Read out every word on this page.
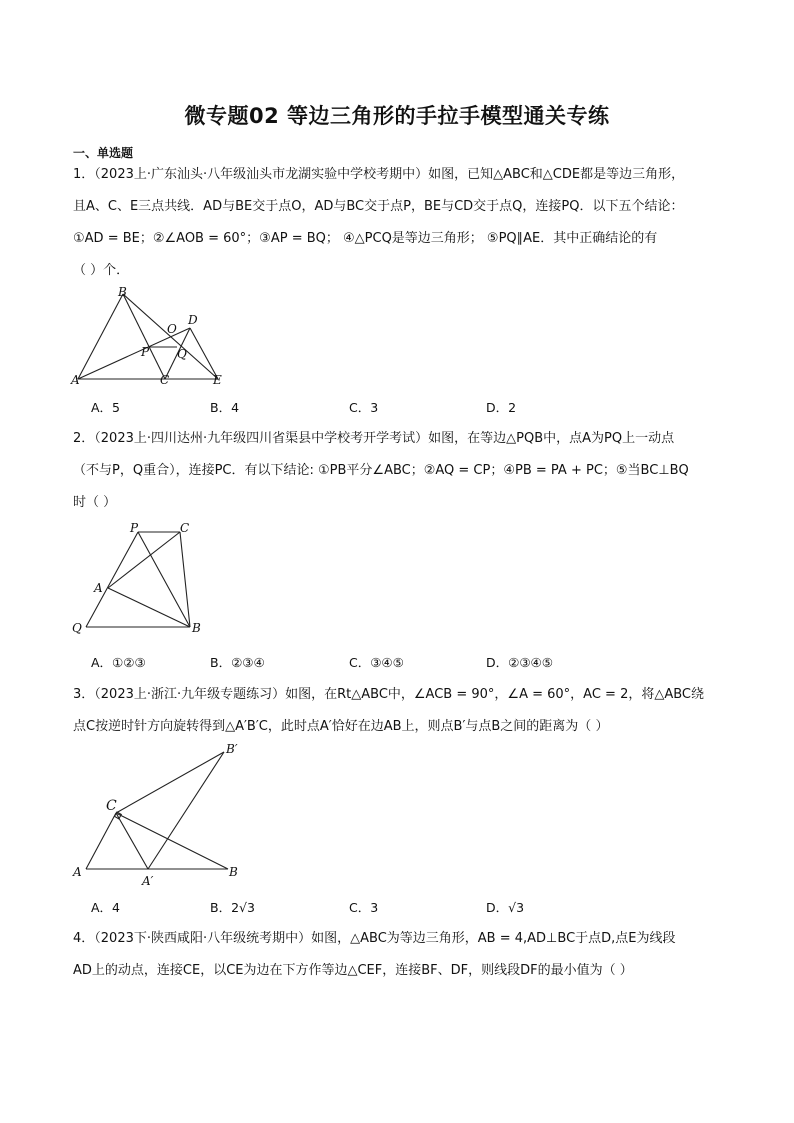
微专题02 等边三角形的手拉手模型通关专练
一、单选题
1．（2023上·广东汕头·八年级汕头市龙湖实验中学校考期中）如图，已知△ABC和△CDE都是等边三角形，
且A、C、E三点共线．AD与BE交于点O，AD与BC交于点P，BE与CD交于点Q，连接PQ．以下五个结论：
①AD = BE；②∠AOB = 60°；③AP = BQ； ④△PCQ是等边三角形； ⑤PQ∥AE．其中正确结论的有
（ ）个．
B
A	C	E
D
O
P Q
A．5	B．4	C．3	D．2
2．（2023上·四川达州·九年级四川省渠县中学校考开学考试）如图，在等边△PQB中，点A为PQ上一动点
（不与P，Q重合），连接PC．有以下结论: ①PB平分∠ABC；②AQ = CP；④PB = PA + PC；⑤当BC⊥BQ
时（ ）
P	C
A
Q	B
A．①②③	B．②③④	C．③④⑤	D．②③④⑤
3．（2023上·浙江·九年级专题练习）如图，在Rt△ABC中，∠ACB = 90°，∠A = 60°，AC = 2，将△ABC绕
点C按逆时针方向旋转得到△A′B′C，此时点A′恰好在边AB上，则点B′与点B之间的距离为（ ）
B′
C
A
A′
B
A．4	B．2√3	C．3	D．√3
4．（2023下·陕西咸阳·八年级统考期中）如图，△ABC为等边三角形，AB = 4,AD⊥BC于点D,点E为线段
AD上的动点，连接CE，以CE为边在下方作等边△CEF，连接BF、DF，则线段DF的最小值为（ ）
